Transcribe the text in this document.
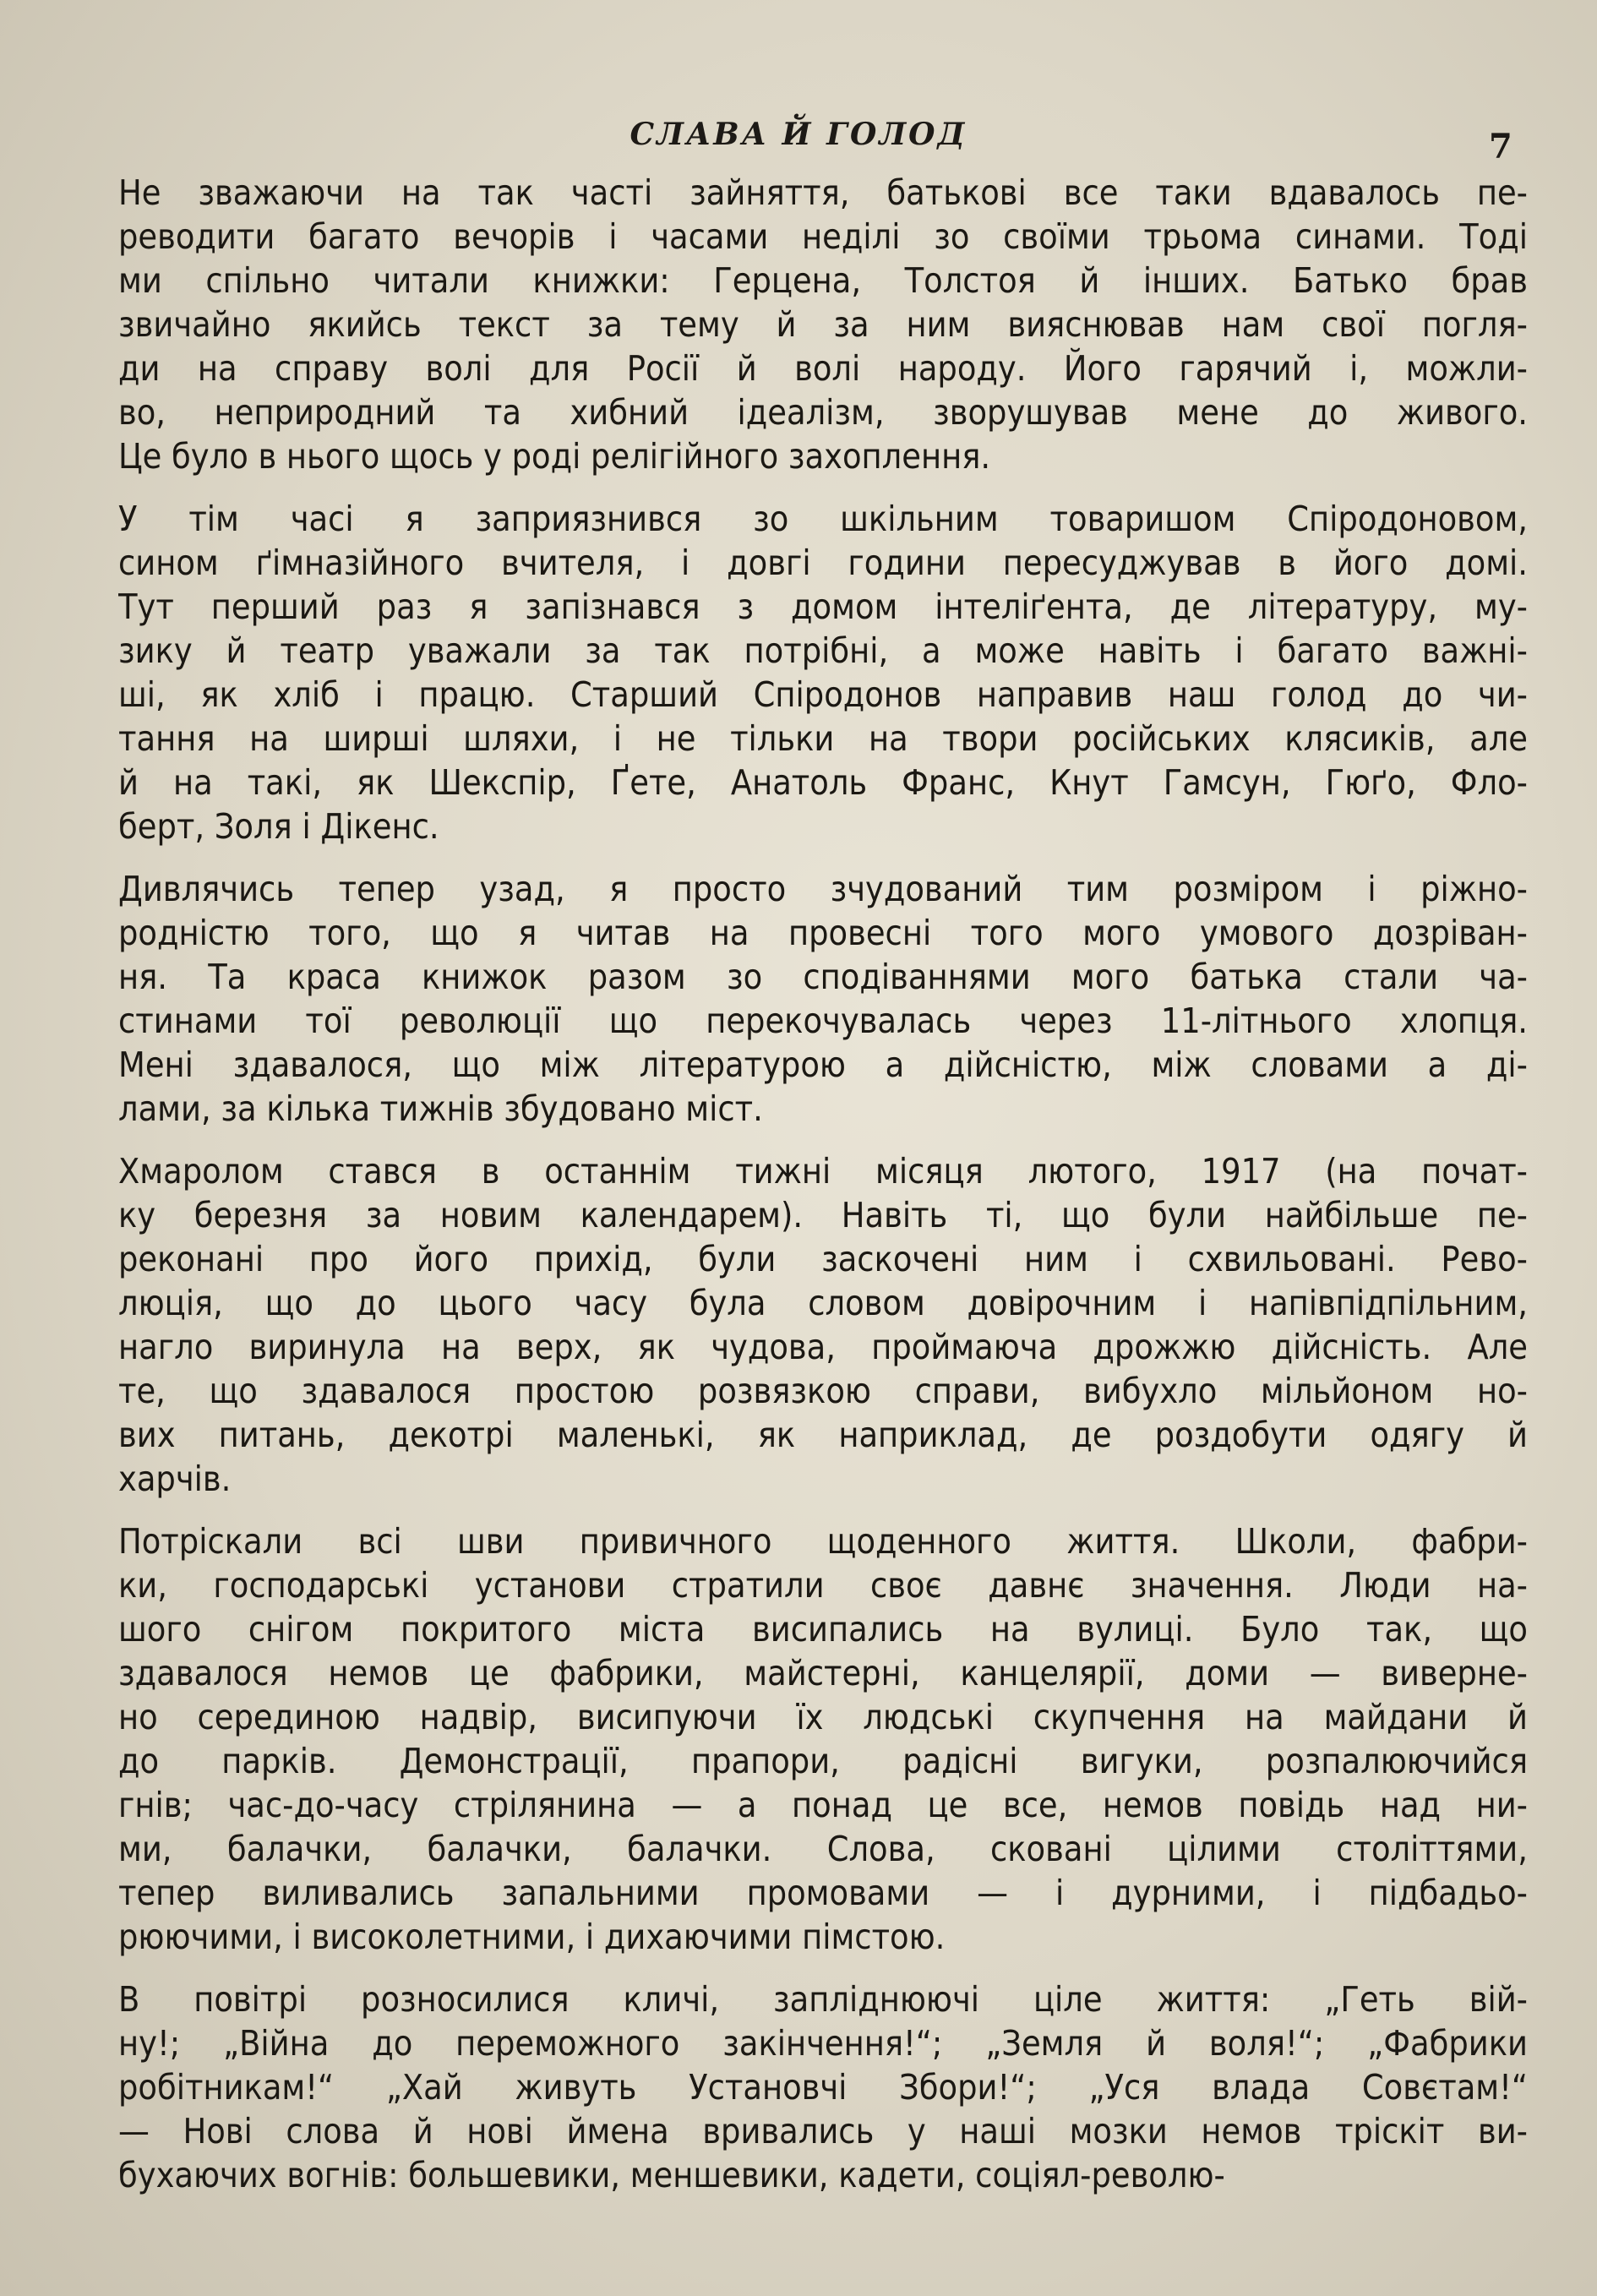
СЛАВА Й ГОЛОД	7
Не зважаючи на так часті зайняття, батькові все таки вдавалось пе-
реводити багато вечорів і часами неділі зо своїми трьома синами. Тоді
ми спільно читали книжки: Герцена, Толстоя й інших. Батько брав
звичайно якийсь текст за тему й за ним вияснював нам свої погля-
ди на справу волі для Росії й волі народу. Його гарячий і, можли-
во, неприродний та хибний ідеалізм, зворушував мене до живого.
Це було в нього щось у роді релігійного захоплення.
У тім часі я заприязнився зо шкільним товаришом Спіродоновом,
сином ґімназійного вчителя, і довгі години пересуджував в його домі.
Тут перший раз я запізнався з домом інтеліґента, де літературу, му-
зику й театр уважали за так потрібні, а може навіть і багато важні-
ші, як хліб і працю. Старший Спіродонов направив наш голод до чи-
тання на ширші шляхи, і не тільки на твори російських клясиків, але
й на такі, як Шекспір, Ґете, Анатоль Франс, Кнут Гамсун, Гюґо, Фло-
берт, Золя і Дікенс.
Дивлячись тепер узад, я просто зчудований тим розміром і ріжно-
родністю того, що я читав на провесні того мого умового дозріван-
ня. Та краса книжок разом зо сподіваннями мого батька стали ча-
стинами тої революції що перекочувалась через 11-літнього хлопця.
Мені здавалося, що між літературою а дійсністю, між словами а ді-
лами, за кілька тижнів збудовано міст.
Хмаролом стався в останнім тижні місяця лютого, 1917 (на почат-
ку березня за новим календарем). Навіть ті, що були найбільше пе-
реконані про його прихід, були заскочені ним і схвильовані. Рево-
люція, що до цього часу була словом довірочним і напівпідпільним,
нагло виринула на верх, як чудова, проймаюча дрожжю дійсність. Але
те, що здавалося простою розвязкою справи, вибухло мільйоном но-
вих питань, декотрі маленькі, як наприклад, де роздобути одягу й
харчів.
Потріскали всі шви привичного щоденного життя. Школи, фабри-
ки, господарські установи стратили своє давнє значення. Люди на-
шого снігом покритого міста висипались на вулиці. Було так, що
здавалося немов це фабрики, майстерні, канцелярії, доми — виверне-
но серединою надвір, висипуючи їх людські скупчення на майдани й
до парків. Демонстрації, прапори, радісні вигуки, розпалюючийся
гнів; час-до-часу стрілянина — а понад це все, немов повідь над ни-
ми, балачки, балачки, балачки. Слова, сковані цілими століттями,
тепер виливались запальними промовами — і дурними, і підбадьо-
рюючими, і високолетними, і дихаючими пімстою.
В повітрі розносилися кличі, запліднюючі ціле життя: „Геть вій-
ну!; „Війна до переможного закінчення!“; „Земля й воля!“; „Фабрики
робітникам!“ „Хай живуть Установчі Збори!“; „Уся влада Совєтам!“
— Нові слова й нові ймена вривались у наші мозки немов тріскіт ви-
бухаючих вогнів: большевики, меншевики, кадети, соціял-револю-
